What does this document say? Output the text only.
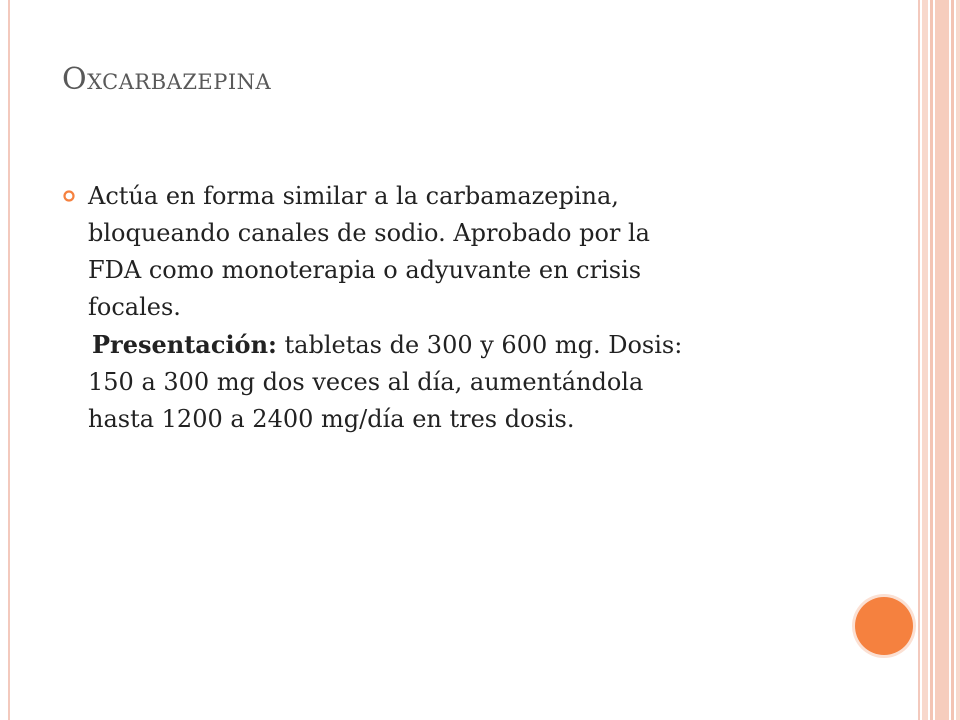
Oxcarbazepina
Actúa en forma similar a la carbamazepina,
bloqueando canales de sodio. Aprobado por la
FDA como monoterapia o adyuvante en crisis
focales.
Presentación: tabletas de 300 y 600 mg. Dosis:
150 a 300 mg dos veces al día, aumentándola
hasta 1200 a 2400 mg/día en tres dosis.
